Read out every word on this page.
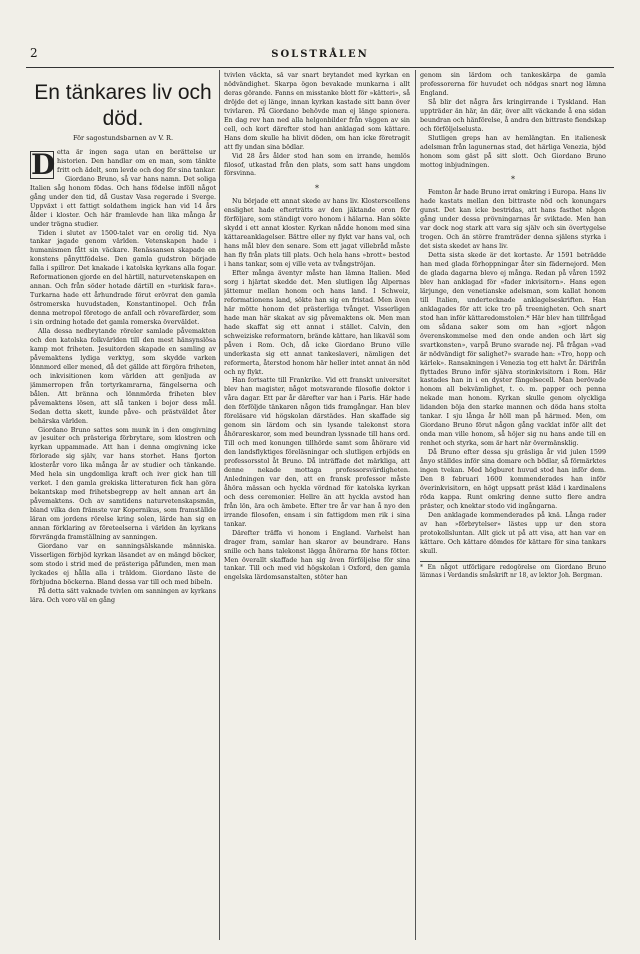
2	SOLSTRÅLEN
En tänkares liv och död.
För sagostundsbarnen av V. R.
D etta är ingen saga utan en berättelse ur historien. Den handlar om en man, som tänkte fritt och ädelt, som levde och dog för sina tankar.

Giordano Bruno, så var hans namn. Det soliga Italien såg honom födas. Och hans födelse inföll något gång under den tid, då Gustav Vasa regerade i Sverge. Uppväxt i ett fattigt soldathem ingick han vid 14 års ålder i kloster. Och här framlevde han lika många år under trägna studier.

Tiden i slutet av 1500-talet var en orolig tid. Nya tankar jagade genom världen. Vetenskapen hade i humanismen fått sin väckare. Renässansen skapade en konstens pånyttfödelse. Den gamla gudstron började falla i spillror. Det knakade i katolska kyrkans alla fogar. Reformationen gjorde en del härtill, naturvetenskapen en annan. Och från söder hotade därtill en »turkisk fara». Turkarna hade ett århundrade förut erövrat den gamla östromerska huvudstaden, Konstantinopel. Och från denna metropol företogo de anfall och rövarefärder, som i sin ordning hotade det gamla romerska överväldet.

Alla dessa nedbrytande röreler samlade påvemakten och den katolska folkvärlden till den mest hänsynslösa kamp mot friheten. Jesuitorden skapade en samling av påvemaktens lydiga verktyg, som skydde varken lönnmord eller mened, då det gällde att förgöra friheten, och inkvisitionen kom världen att genljuda av jämmerropen från tortyrkamrarna, fängelserna och bålen. Att bränna och lönnmörda friheten blev påvemaktens lösen, att slå tanken i bojor dess mål. Sedan detta skett, kunde påve- och prästväldet åter behärska världen.

Giordano Bruno sattes som munk in i den omgivning av jesuiter och prästeriga förbrytare, som klostren och kyrkan uppammade. Att han i denna omgivning icke förlorade sig själv, var hans storhet. Hans fjorton klosterår voro lika många år av studier och tänkande. Med hela sin ungdomliga kraft och iver gick han till verket. I den gamla grekiska litteraturen fick han göra bekantskap med frihetsbegrepp av helt annan art än påvemaktens. Och av samtidens naturvetenskapsmän, bland vilka den främste var Kopernikus, som framställde läran om jordens rörelse kring solen, lärde han sig en annan förklaring av företeelserna i världen än kyrkans förvrängda framställning av sanningen.

Giordano var en sanningsälskande människa. Visserligen förbjöd kyrkan läsandet av en mängd böcker, som stodo i strid med de prästeriga påfunden, men man lyckades ej hålla alla i träldom. Giordano läste de förbjudna böckerna. Bland dessa var till och med bibeln.

På detta sätt vaknade tvivlen om sanningen av kyrkans lära. Och voro väl en gång

tvivlen väckta, så var snart brytandet med kyrkan en nödvändighet. Skarpa ögon bevakade munkarna i allt deras görande. Fanns en misstanke blott för »kätteri», så dröjde det ej länge, innan kyrkan kastade sitt bann över tvivlaren. På Giordano behövde man ej länge spionera. En dag rev han ned alla helgonbilder från väggen av sin cell, och kort därefter stod han anklagad som kättare. Hans dom skulle ha blivit döden, om han icke företragit att fly undan sina bödlar.

Vid 28 års ålder stod han som en irrande, hemlös filosof, utkastad från den plats, som satt hans ungdom försvinna.

*

Nu började ett annat skede av hans liv. Klosterscellens enslighet hade efterträtts av den jäktande oron för förföljare, som ständigt voro honom i hälarna. Han sökte skydd i ett annat kloster. Kyrkan nådde honom med sina kättareanklagelser. Bättre eller ny flykt var hans val, och hans mål blev den senare. Som ett jagat villebråd måste han fly från plats till plats. Och hela hans »brott» bestod i hans tankar, som ej ville veta av tvångströjan.

Efter många äventyr måste han lämna Italien. Med sorg i hjärtat skedde det. Men slutligen låg Alpernas jättemur mellan honom och hans land. I Schweiz, reformationens land, sökte han sig en fristad. Men även här mötte honom det prästerliga tvånget. Visserligen hade man här skakat av sig påvemaktens ok. Men man hade skaffat sig ett annat i stället. Calvin, den schweiziske reformatorn, brände kättare, han likaväl som påven i Rom. Och, då icke Giordano Bruno ville underkasta sig ett annat tankeslaveri, nämligen det reformerta, återstod honom här heller intet annat än nöd och ny flykt.

Han fortsatte till Frankrike. Vid ett franskt universitet blev han magister, något motsvarande filosofie doktor i våra dagar. Ett par år därefter var han i Paris. Här hade den förföljde tänkaren någon tids framgångar. Han blev föreläsare vid högskolan därstädes. Han skaffade sig genom sin lärdom och sin lysande talekonst stora åhörareskaror, som med beundran lyssnade till hans ord. Till och med konungen tillhörde samt som åhörare vid den landsflyktiges föreläsningar och slutligen erbjöds en professorsstol åt Bruno. Då inträffade det märkliga, att denne nekade mottaga professorsvärdigheten. Anledningen var den, att en fransk professor måste åhöra mässan och hyckla vördnad för katolska kyrkan och dess ceremonier. Hellre än att hyckla avstod han från lön, ära och ämbete. Efter tre år var han å nyo den irrande filosofen, ensam i sin fattigdom men rik i sina tankar.

Därefter träffa vi honom i England. Varhelst han drager fram, samlar han skaror av beundrare. Hans snille och hans talekonst lägga åhörarna för hans fötter. Men överallt skaffade han sig även förföljelse för sina tankar. Till och med vid högskolan i Oxford, den gamla engelska lärdomsanstalten, stöter han

genom sin lärdom och tankeskärpa de gamla professorerna för huvudet och nödgas snart nog lämna England.

Så blir det några års kringirrande i Tyskland. Han uppträder än här, än där, över allt väckande å ena sidan beundran och hänförelse, å andra den bittraste fiendskap och förföljelselusta.

Slutligen greps han av hemlängtan. En italienesk adelsman från lagunernas stad, det härliga Venezia, bjöd honom som gäst på sitt slott. Och Giordano Bruno mottog inbjudningen.

*

Femton år hade Bruno irrat omkring i Europa. Hans liv hade kastats mellan den bittraste nöd och konungars gunst. Det kan icke bestridas, att hans fasthet någon gång under dessa prövningarnas år sviktade. Men han var dock nog stark att vara sig själv och sin övertygelse trogen. Och än större framträder denna själens styrka i det sista skedet av hans liv.

Detta sista skede är det kortaste. År 1591 beträdde han med glada förhoppningar åter sin fädernejord. Men de glada dagarna blevo ej många. Redan på våren 1592 blev han anklagad för »fader inkvisitorn». Hans egen lärjunge, den venetianske adelsman, som kallat honom till Italien, undertecknade anklagelseskriften. Han anklagades för att icke tro på treenigheten. Och snart stod han inför kättaredomstolen.* Här blev han tillfrågad om sådana saker som om han »gjort någon överenskommelse med den onde anden och lärt sig svartkonsten», varpå Bruno svarade nej. På frågan »vad är nödvändigt för salighet?» svarade han: »Tro, hopp och kärlek». Ransakningen i Venezia tog ett halvt år. Därifrån flyttades Bruno inför själva storinkvisitorn i Rom. Här kastades han in i en dyster fängelsecell. Man berövade honom all bekvämlighet, t. o. m. papper och penna nekade man honom. Kyrkan skulle genom olyckliga lidanden böja den starke mannen och döda hans stolta tankar. I sju långa år höll man på härmed. Men, om Giordano Bruno förut någon gång vacklat inför allt det onda man ville honom, så höjer sig nu hans ande till en renhet och styrka, som är hart när övermänsklig.

Då Bruno efter dessa sju gräsliga år vid julen 1599 ånyo ställdes inför sina domare och bödlar, så förmärktes ingen tvekan. Med högburet huvud stod han inför dem. Den 8 februari 1600 kommenderades han inför överinkvisitorn, en högt uppsatt präst kläd i kardinalens röda kappa. Runt omkring denne sutto flere andra präster, och knektar stodo vid ingångarna.

Den anklagade kommenderades på knä. Långa rader av han »förbrytelser» lästes upp ur den stora protokollsluntan. Allt gick ut på att visa, att han var en kättare. Och kättare dömdes för kättare för sina tankars skull.

* En något utförligare redogörelse om Giordano Bruno lämnas i Verdandis småskrift nr 18, av lektor Joh. Bergman.
